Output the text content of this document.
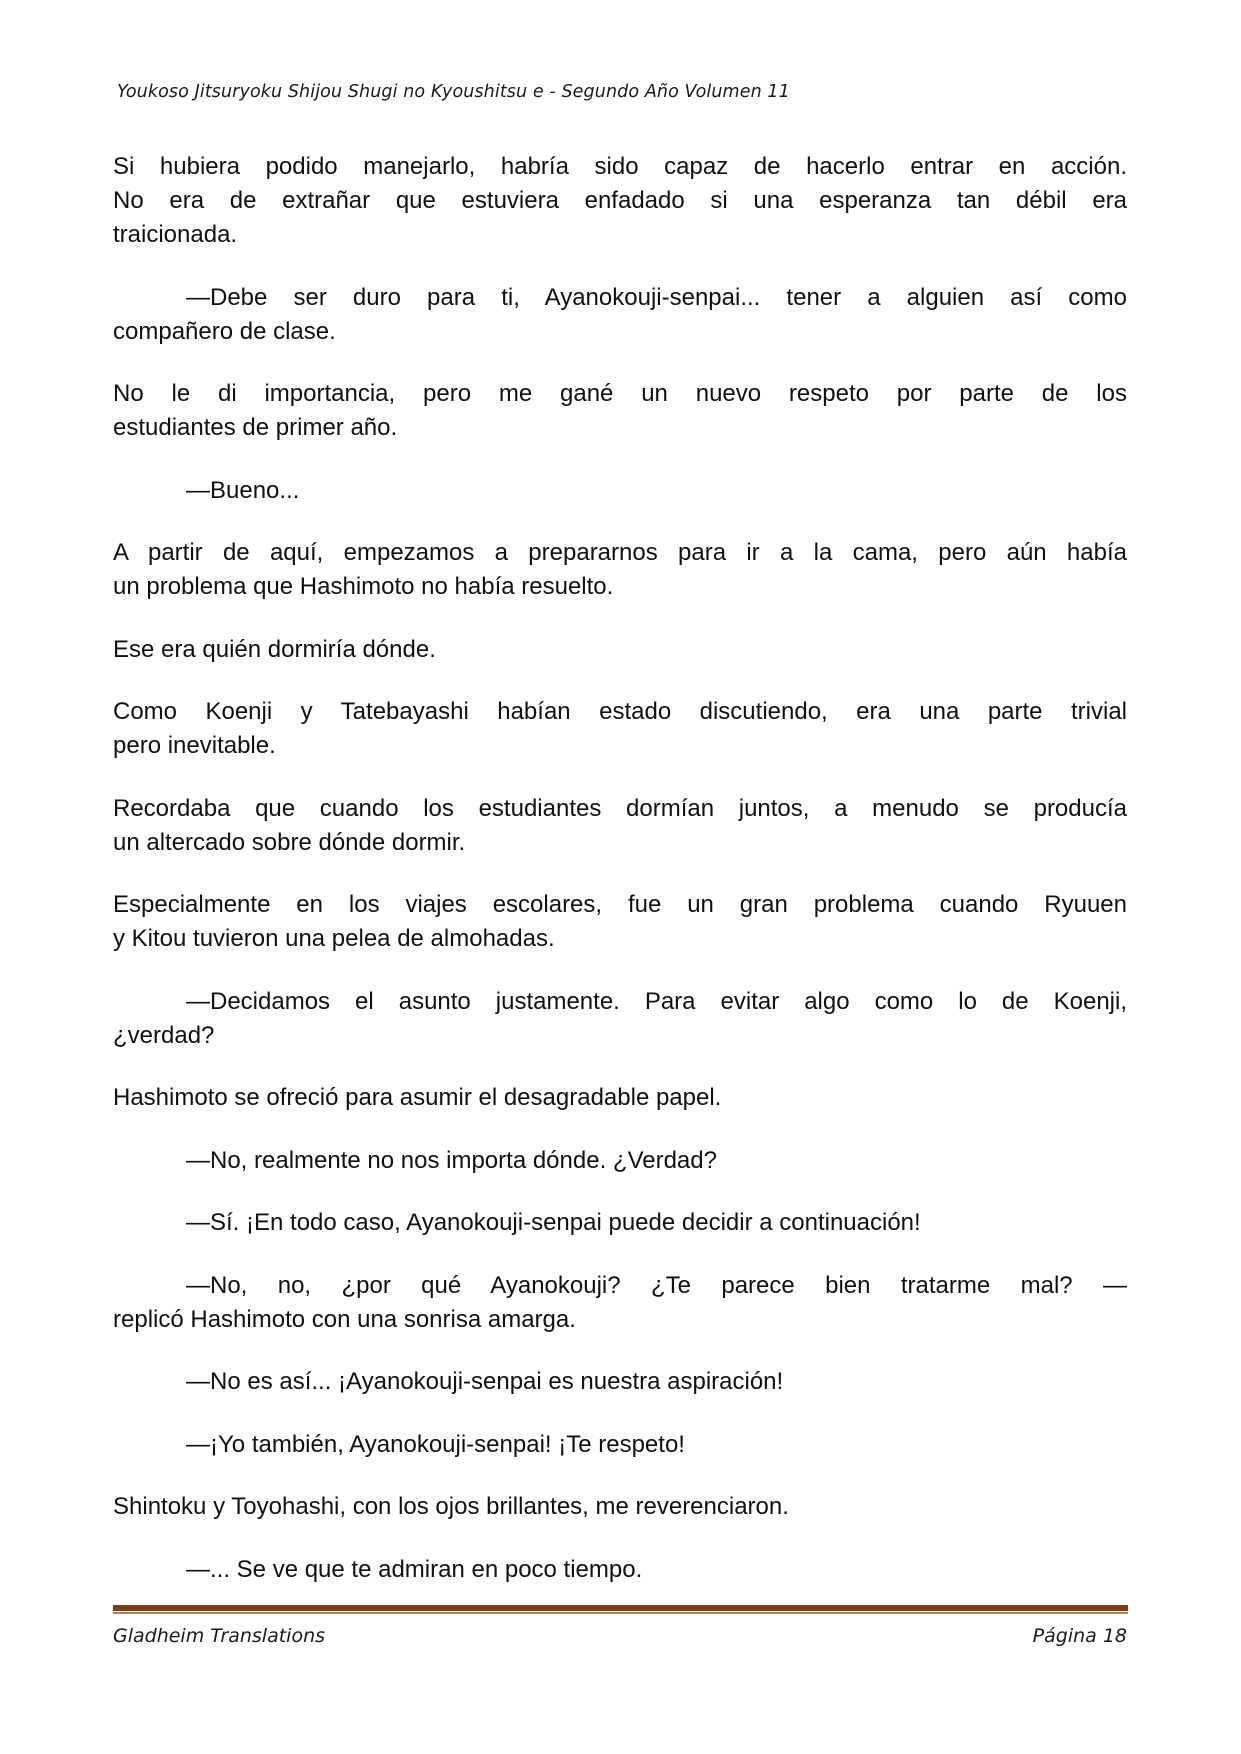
Youkoso Jitsuryoku Shijou Shugi no Kyoushitsu e - Segundo Año Volumen 11

Si hubiera podido manejarlo, habría sido capaz de hacerlo entrar en acción.
No era de extrañar que estuviera enfadado si una esperanza tan débil era
traicionada.

—Debe ser duro para ti, Ayanokouji-senpai... tener a alguien así como
compañero de clase.

No le di importancia, pero me gané un nuevo respeto por parte de los
estudiantes de primer año.

—Bueno...

A partir de aquí, empezamos a prepararnos para ir a la cama, pero aún había
un problema que Hashimoto no había resuelto.

Ese era quién dormiría dónde.

Como Koenji y Tatebayashi habían estado discutiendo, era una parte trivial
pero inevitable.

Recordaba que cuando los estudiantes dormían juntos, a menudo se producía
un altercado sobre dónde dormir.

Especialmente en los viajes escolares, fue un gran problema cuando Ryuuen
y Kitou tuvieron una pelea de almohadas.

—Decidamos el asunto justamente. Para evitar algo como lo de Koenji,
¿verdad?

Hashimoto se ofreció para asumir el desagradable papel.

—No, realmente no nos importa dónde. ¿Verdad?

—Sí. ¡En todo caso, Ayanokouji-senpai puede decidir a continuación!

—No, no, ¿por qué Ayanokouji? ¿Te parece bien tratarme mal? —
replicó Hashimoto con una sonrisa amarga.

—No es así... ¡Ayanokouji-senpai es nuestra aspiración!

—¡Yo también, Ayanokouji-senpai! ¡Te respeto!

Shintoku y Toyohashi, con los ojos brillantes, me reverenciaron.

—... Se ve que te admiran en poco tiempo.

Gladheim Translations	Página 18
